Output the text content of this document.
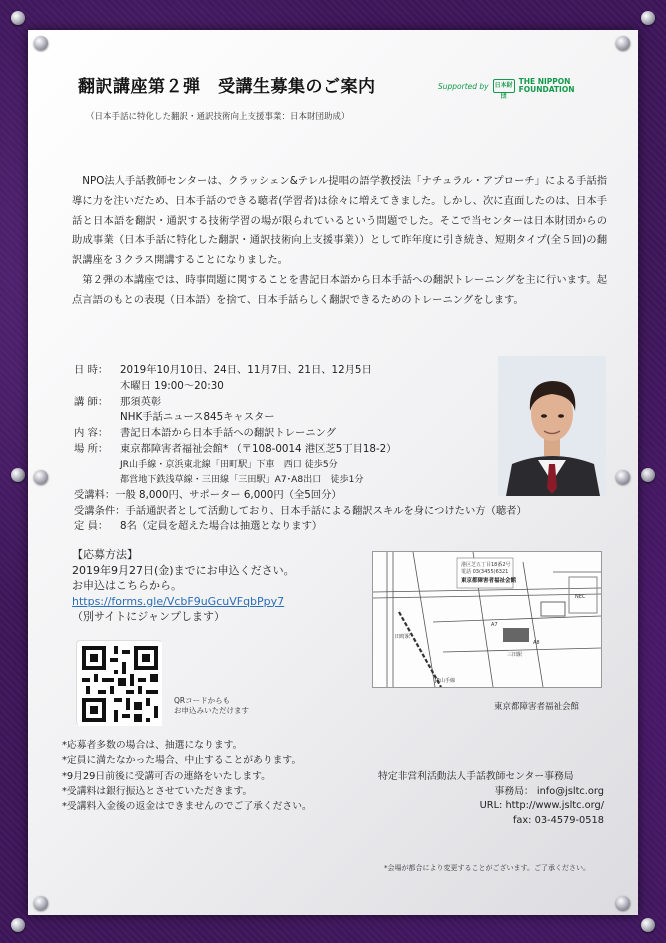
翻訳講座第２弾　受講生募集のご案内	Supported by 日本財団
THE NIPPON
FOUNDATION
（日本手話に特化した翻訳・通訳技術向上支援事業：日本財団助成）

NPO法人手話教師センターは、クラッシェン&テレル提唱の語学教授法「ナチュラル・アプローチ」による手話指導に力を注いだため、日本手話のできる聴者(学習者)は徐々に増えてきました。しかし、次に直面したのは、日本手話と日本語を翻訳・通訳する技術学習の場が限られているという問題でした。そこで当センターは日本財団からの助成事業（日本手話に特化した翻訳・通訳技術向上支援事業））として昨年度に引き続き、短期タイプ(全５回)の翻訳講座を３クラス開講することになりました。

第２弾の本講座では、時事問題に関することを書記日本語から日本手話への翻訳トレーニングを主に行います。起点言語のもとの表現（日本語）を捨て、日本手話らしく翻訳できるためのトレーニングをします。

日 時：	2019年10月10日、24日、11月7日、21日、12月5日
木曜日 19:00～20:30
講 師：	那須英彰
NHK手話ニュース845キャスター
内 容：	書記日本語から日本手話への翻訳トレーニング
場 所：	東京都障害者福祉会館* （〒108-0014 港区芝5丁目18-2）
JR山手線・京浜東北線「田町駅」下車　西口 徒歩5分
都営地下鉄浅草線・三田線「三田駅」A7･A8出口　徒歩1分
受講料： 一般 8,000円、サポーター 6,000円（全5回分）
受講条件： 手話通訳者として活動しており、日本手話による翻訳スキルを身につけたい方（聴者）
定 員：	8名（定員を超えた場合は抽選となります）
【応募方法】
2019年9月27日(金)までにお申込ください。
お申込はこちらから。
https://forms.gle/VcbF9uGcuVFqbPpy7
（別サイトにジャンプします）
QRコードからも
お申込みいただけます
港区芝五丁目18番2号
電話 03(3455)6321
東京都障害者福祉会館
田町駅
三田駅
A7
A8
NEC
JR山手線
東京都障害者福祉会館
*応募者多数の場合は、抽選になります。
*定員に満たなかった場合、中止することがあります。
*9月29日前後に受講可否の連絡をいたします。
*受講料は銀行振込とさせていただきます。
*受講料入金後の返金はできませんのでご了承ください。
特定非営利活動法人手話教師センター事務局
事務局： info@jsltc.org
URL: http://www.jsltc.org/
fax: 03-4579-0518
*会場が都合により変更することがございます。ご了承ください。
